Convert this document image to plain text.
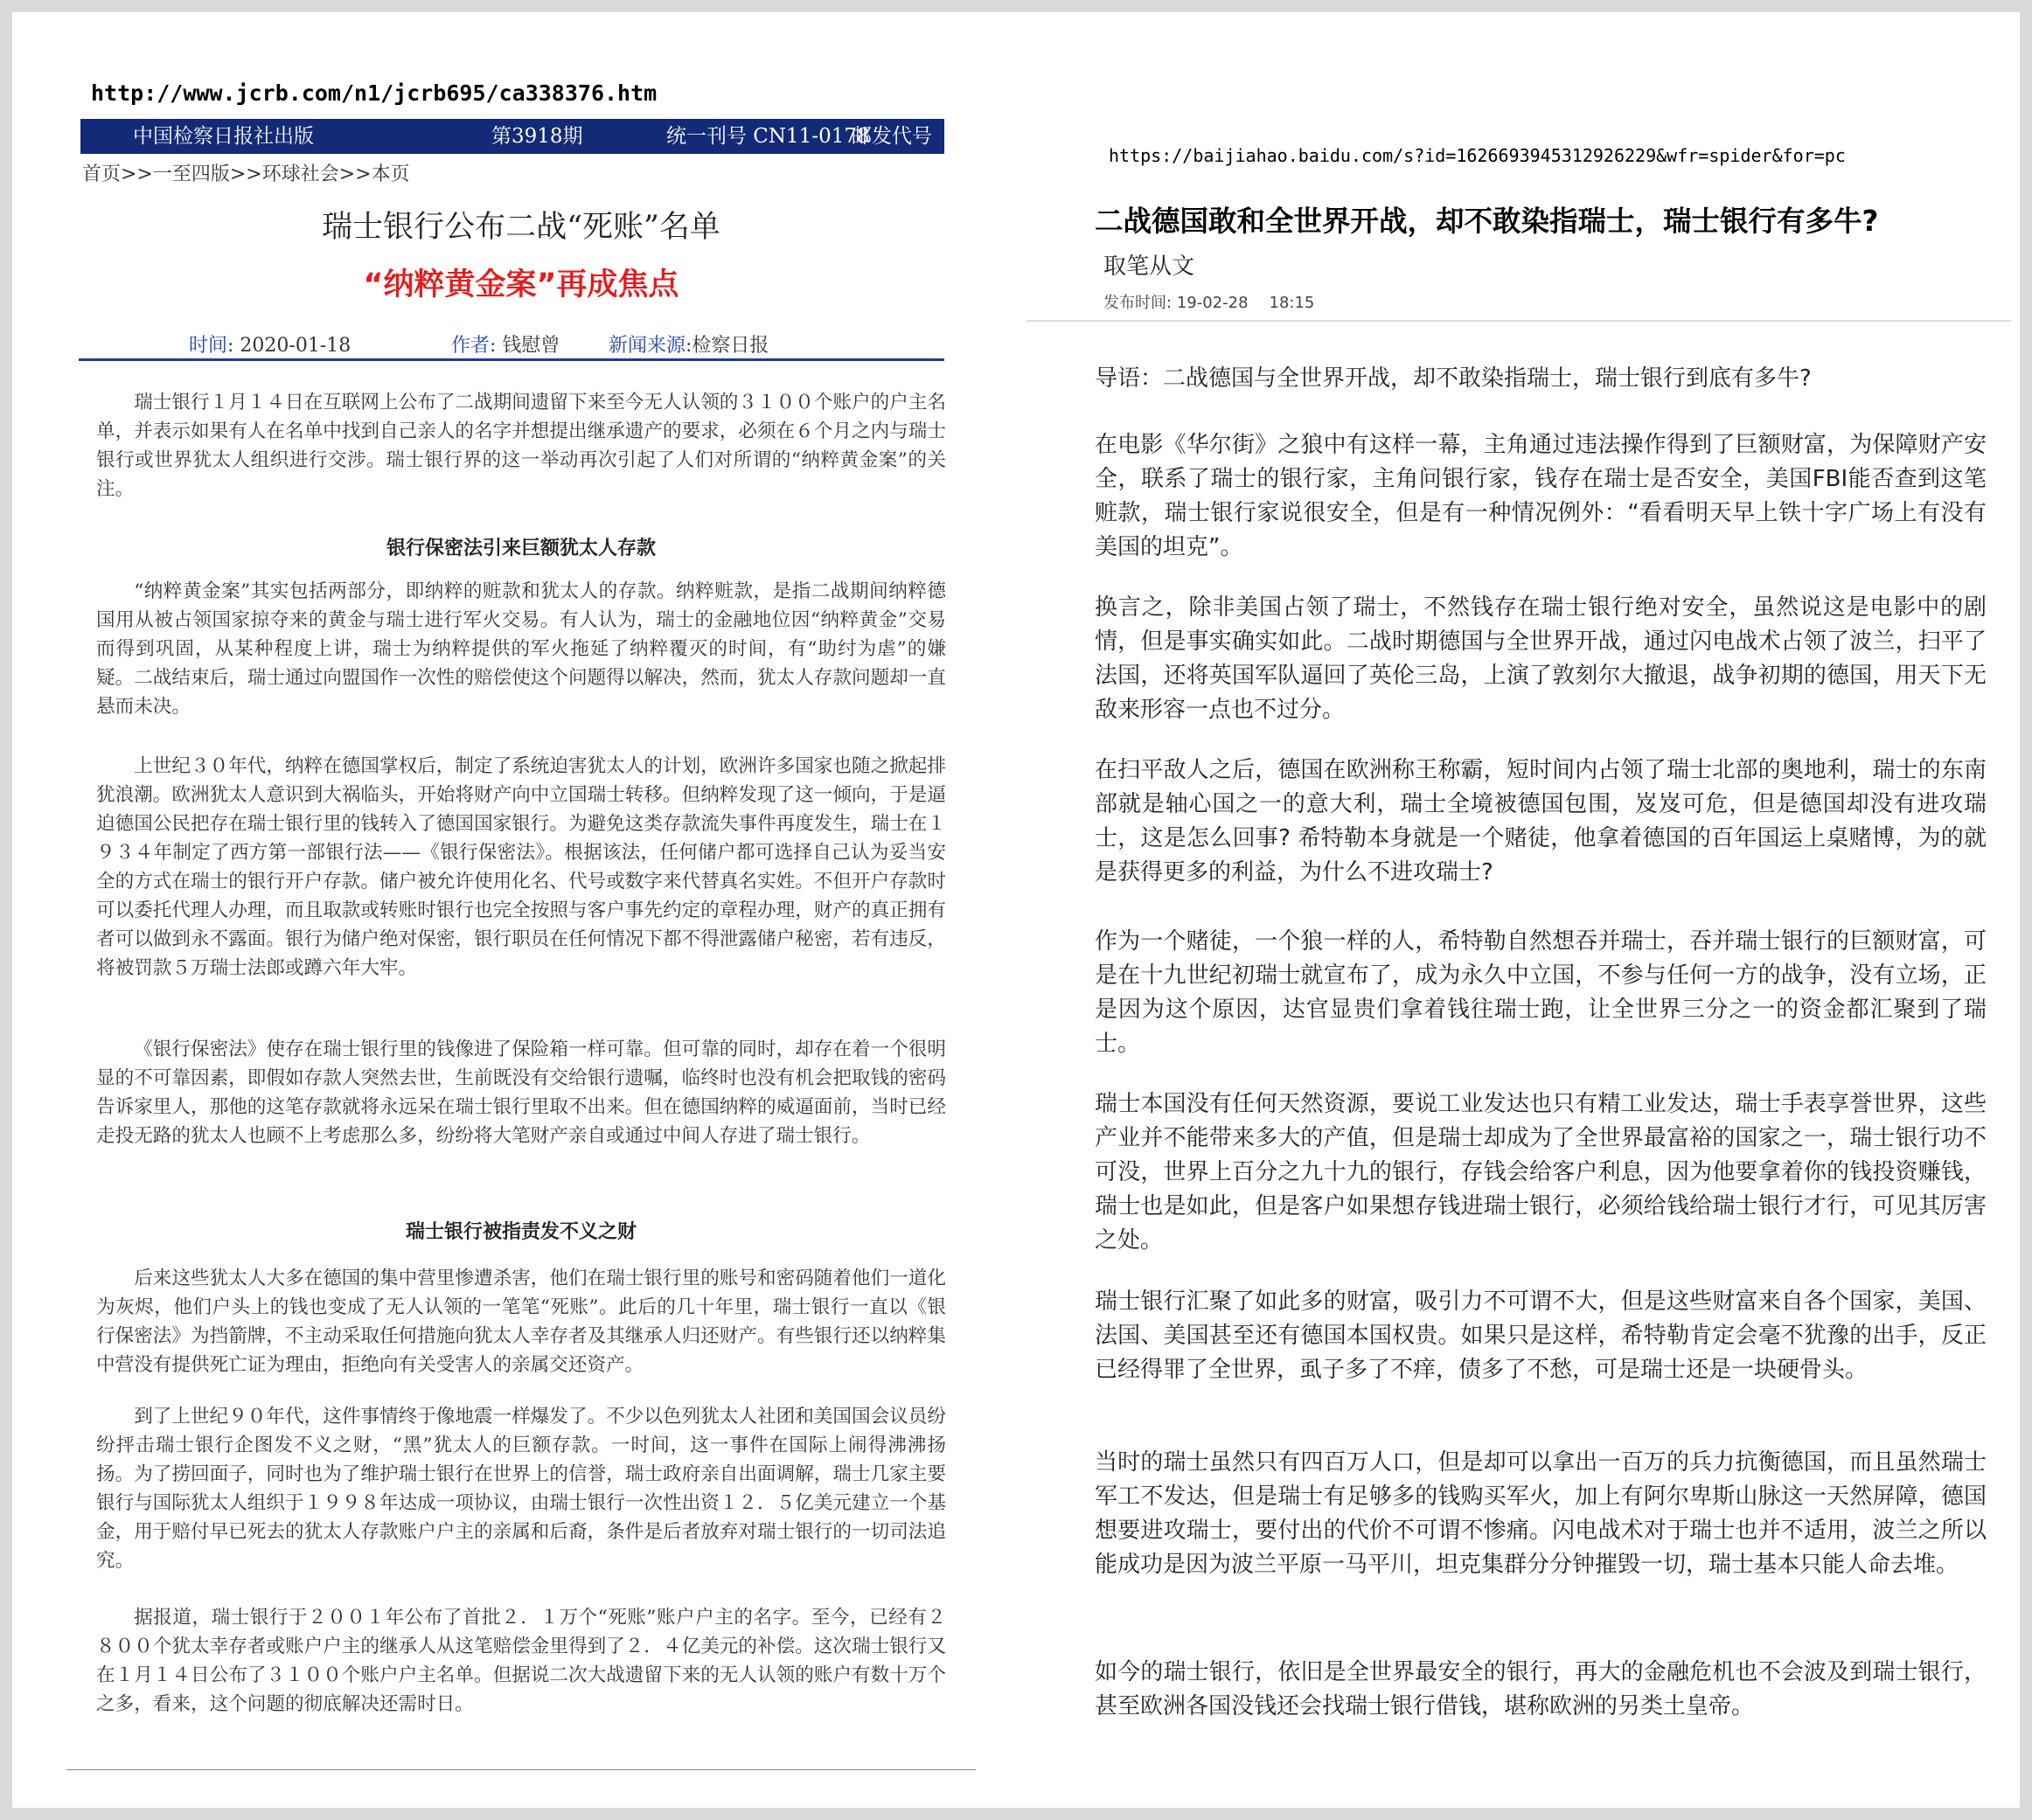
http://www.jcrb.com/n1/jcrb695/ca338376.htm
中国检察日报社出版	第3918期	统一刊号 CN11-0178
邮发代号
首页>>一至四版>>环球社会>>本页
瑞士银行公布二战“死账”名单
“纳粹黄金案”再成焦点
时间: 2020-01-18	作者: 钱慰曾	新闻来源:检察日报

瑞士银行１月１４日在互联网上公布了二战期间遗留下来至今无人认领的３１００个账户的户主名单，并表示如果有人在名单中找到自己亲人的名字并想提出继承遗产的要求，必须在６个月之内与瑞士银行或世界犹太人组织进行交涉。瑞士银行界的这一举动再次引起了人们对所谓的“纳粹黄金案”的关注。

银行保密法引来巨额犹太人存款

“纳粹黄金案”其实包括两部分，即纳粹的赃款和犹太人的存款。纳粹赃款，是指二战期间纳粹德国用从被占领国家掠夺来的黄金与瑞士进行军火交易。有人认为，瑞士的金融地位因“纳粹黄金”交易而得到巩固，从某种程度上讲，瑞士为纳粹提供的军火拖延了纳粹覆灭的时间，有“助纣为虐”的嫌疑。二战结束后，瑞士通过向盟国作一次性的赔偿使这个问题得以解决，然而，犹太人存款问题却一直悬而未决。

上世纪３０年代，纳粹在德国掌权后，制定了系统迫害犹太人的计划，欧洲许多国家也随之掀起排犹浪潮。欧洲犹太人意识到大祸临头，开始将财产向中立国瑞士转移。但纳粹发现了这一倾向，于是逼迫德国公民把存在瑞士银行里的钱转入了德国国家银行。为避免这类存款流失事件再度发生，瑞士在１９３４年制定了西方第一部银行法——《银行保密法》。根据该法，任何储户都可选择自己认为妥当安全的方式在瑞士的银行开户存款。储户被允许使用化名、代号或数字来代替真名实姓。不但开户存款时可以委托代理人办理，而且取款或转账时银行也完全按照与客户事先约定的章程办理，财产的真正拥有者可以做到永不露面。银行为储户绝对保密，银行职员在任何情况下都不得泄露储户秘密，若有违反，将被罚款５万瑞士法郎或蹲六年大牢。

《银行保密法》使存在瑞士银行里的钱像进了保险箱一样可靠。但可靠的同时，却存在着一个很明显的不可靠因素，即假如存款人突然去世，生前既没有交给银行遗嘱，临终时也没有机会把取钱的密码告诉家里人，那他的这笔存款就将永远呆在瑞士银行里取不出来。但在德国纳粹的威逼面前，当时已经走投无路的犹太人也顾不上考虑那么多，纷纷将大笔财产亲自或通过中间人存进了瑞士银行。

瑞士银行被指责发不义之财

后来这些犹太人大多在德国的集中营里惨遭杀害，他们在瑞士银行里的账号和密码随着他们一道化为灰烬，他们户头上的钱也变成了无人认领的一笔笔“死账”。此后的几十年里，瑞士银行一直以《银行保密法》为挡箭牌，不主动采取任何措施向犹太人幸存者及其继承人归还财产。有些银行还以纳粹集中营没有提供死亡证为理由，拒绝向有关受害人的亲属交还资产。

到了上世纪９０年代，这件事情终于像地震一样爆发了。不少以色列犹太人社团和美国国会议员纷纷抨击瑞士银行企图发不义之财，“黑”犹太人的巨额存款。一时间，这一事件在国际上闹得沸沸扬扬。为了捞回面子，同时也为了维护瑞士银行在世界上的信誉，瑞士政府亲自出面调解，瑞士几家主要银行与国际犹太人组织于１９９８年达成一项协议，由瑞士银行一次性出资１２．５亿美元建立一个基金，用于赔付早已死去的犹太人存款账户户主的亲属和后裔，条件是后者放弃对瑞士银行的一切司法追究。

据报道，瑞士银行于２００１年公布了首批２．１万个“死账”账户户主的名字。至今，已经有２８００个犹太幸存者或账户户主的继承人从这笔赔偿金里得到了２．４亿美元的补偿。这次瑞士银行又在１月１４日公布了３１００个账户户主名单。但据说二次大战遗留下来的无人认领的账户有数十万个之多，看来，这个问题的彻底解决还需时日。

https://baijiahao.baidu.com/s?id=1626693945312926229&wfr=spider&for=pc
二战德国敢和全世界开战，却不敢染指瑞士，瑞士银行有多牛?
取笔从文
发布时间: 19-02-28 18:15

导语：二战德国与全世界开战，却不敢染指瑞士，瑞士银行到底有多牛?

在电影《华尔街》之狼中有这样一幕，主角通过违法操作得到了巨额财富，为保障财产安全，联系了瑞士的银行家，主角问银行家，钱存在瑞士是否安全，美国FBI能否查到这笔赃款，瑞士银行家说很安全，但是有一种情况例外：“看看明天早上铁十字广场上有没有美国的坦克”。

换言之，除非美国占领了瑞士，不然钱存在瑞士银行绝对安全，虽然说这是电影中的剧情，但是事实确实如此。二战时期德国与全世界开战，通过闪电战术占领了波兰，扫平了法国，还将英国军队逼回了英伦三岛，上演了敦刻尔大撤退，战争初期的德国，用天下无敌来形容一点也不过分。

在扫平敌人之后，德国在欧洲称王称霸，短时间内占领了瑞士北部的奥地利，瑞士的东南部就是轴心国之一的意大利，瑞士全境被德国包围，岌岌可危，但是德国却没有进攻瑞士，这是怎么回事? 希特勒本身就是一个赌徒，他拿着德国的百年国运上桌赌博，为的就是获得更多的利益，为什么不进攻瑞士?

作为一个赌徒，一个狼一样的人，希特勒自然想吞并瑞士，吞并瑞士银行的巨额财富，可是在十九世纪初瑞士就宣布了，成为永久中立国，不参与任何一方的战争，没有立场，正是因为这个原因，达官显贵们拿着钱往瑞士跑，让全世界三分之一的资金都汇聚到了瑞士。

瑞士本国没有任何天然资源，要说工业发达也只有精工业发达，瑞士手表享誉世界，这些产业并不能带来多大的产值，但是瑞士却成为了全世界最富裕的国家之一，瑞士银行功不可没，世界上百分之九十九的银行，存钱会给客户利息，因为他要拿着你的钱投资赚钱，瑞士也是如此，但是客户如果想存钱进瑞士银行，必须给钱给瑞士银行才行，可见其厉害之处。

瑞士银行汇聚了如此多的财富，吸引力不可谓不大，但是这些财富来自各个国家，美国、法国、美国甚至还有德国本国权贵。如果只是这样，希特勒肯定会毫不犹豫的出手，反正已经得罪了全世界，虱子多了不痒，债多了不愁，可是瑞士还是一块硬骨头。

当时的瑞士虽然只有四百万人口，但是却可以拿出一百万的兵力抗衡德国，而且虽然瑞士军工不发达，但是瑞士有足够多的钱购买军火，加上有阿尔卑斯山脉这一天然屏障，德国想要进攻瑞士，要付出的代价不可谓不惨痛。闪电战术对于瑞士也并不适用，波兰之所以能成功是因为波兰平原一马平川，坦克集群分分钟摧毁一切，瑞士基本只能人命去堆。

如今的瑞士银行，依旧是全世界最安全的银行，再大的金融危机也不会波及到瑞士银行，甚至欧洲各国没钱还会找瑞士银行借钱，堪称欧洲的另类土皇帝。
